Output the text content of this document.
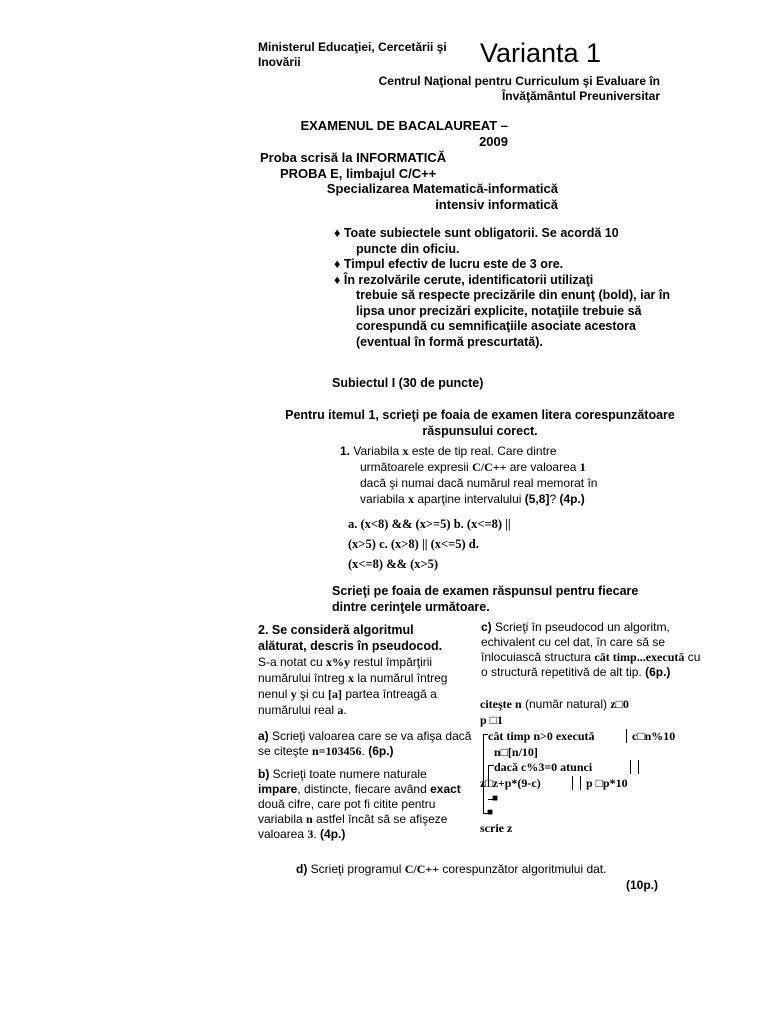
Ministerul Educaţiei, Cercetării şi Inovării	Varianta 1
Centrul Naţional pentru Curriculum şi Evaluare în
Învăţământul Preuniversitar
EXAMENUL DE BACALAUREAT –
2009
Proba scrisă la INFORMATICĂ
PROBA E, limbajul C/C++
Specializarea Matematică-informatică
intensiv informatică

♦ Toate subiectele sunt obligatorii. Se acordă 10
puncte din oficiu.

♦ Timpul efectiv de lucru este de 3 ore.

♦ În rezolvările cerute, identificatorii utilizaţi
trebuie să respecte precizările din enunţ (bold), iar în lipsa unor precizări explicite, notaţiile trebuie să corespundă cu semnificaţiile asociate acestora (eventual în formă prescurtată).

Subiectul I (30 de puncte)
Pentru itemul 1, scrieţi pe foaia de examen litera corespunzătoare
răspunsului corect.
1. Variabila x este de tip real. Care dintre
următoarele expresii C/C++ are valoarea 1
dacă şi numai dacă numărul real memorat în
variabila x aparţine intervalului (5,8]? (4p.)
a. (x<8) && (x>=5) b. (x<=8) ||
(x>5) c. (x>8) || (x<=5) d.
(x<=8) && (x>5)
Scrieţi pe foaia de examen răspunsul pentru fiecare
dintre cerinţele următoare.
2. Se consideră algoritmul
alăturat, descris în pseudocod.
S-a notat cu x%y restul împărţirii numărului întreg x la numărul întreg nenul y şi cu [a] partea întreagă a numărului real a.
a) Scrieţi valoarea care se va afişa dacă se citeşte n=103456. (6p.)
b) Scrieţi toate numere naturale impare, distincte, fiecare având exact două cifre, care pot fi citite pentru variabila n astfel încât să se afişeze valoarea 3. (4p.)
c) Scrieţi în pseudocod un algoritm, echivalent cu cel dat, în care să se înlocuiască structura cât timp...execută cu o structură repetitivă de alt tip. (6p.)
citeşte n (număr natural) z□0
p □1
cât timp n>0 execută	c□n%10
n□[n/10]
dacă c%3=0 atunci
z□z+p*(9-c)	p □p*10
■
■
scrie z
d) Scrieţi programul C/C++ corespunzător algoritmului dat.
(10p.)
